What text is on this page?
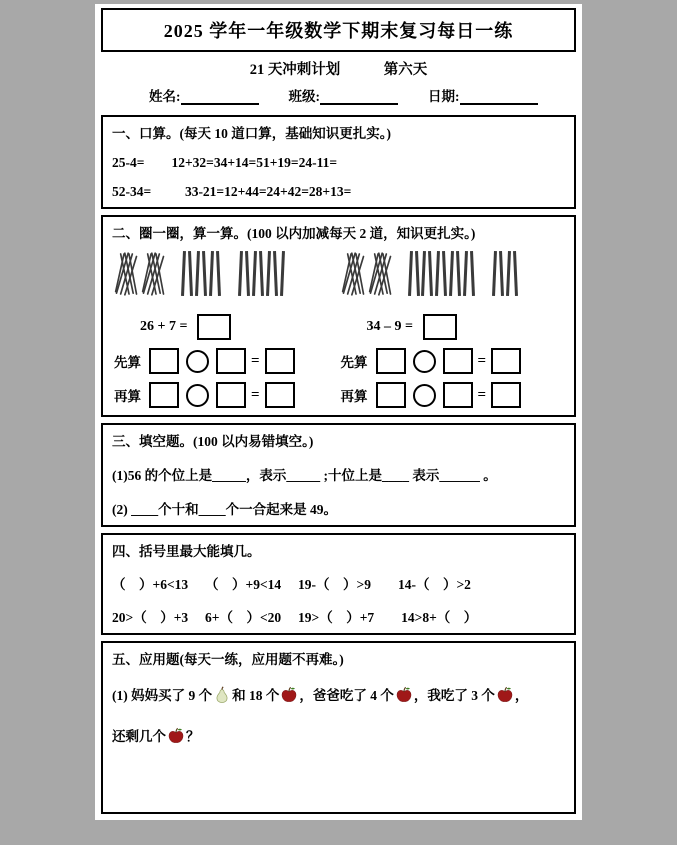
2025 学年一年级数学下期末复习每日一练
21 天冲刺计划　　　第六天
姓名:	班级:	日期:
一、口算。(每天 10 道口算，基础知识更扎实。)
25-4=        12+32=34+14=51+19=24-11=
52-34=          33-21=12+44=24+42=28+13=
二、圈一圈，算一算。(100 以内加减每天 2 道，知识更扎实。)
26 + 7 =
先算	=
再算	=
34 – 9 =
先算	=
再算	=
三、填空题。(100 以内易错填空。)
(1)56 的个位上是_____，表示_____ ;十位上是____ 表示______ 。
(2) ____个十和____个一合起来是 49。
四、括号里最大能填几。
（    ）+6<13     （    ）+9<14     19-（    ）>9        14-（    ）>2
20>（    ）+3     6+（    ）<20     19>（    ）+7        14>8+（    ）
五、应用题(每天一练，应用题不再难。)
(1) 妈妈买了 9 个 和 18 个 ，爸爸吃了 4 个 ，我吃了 3 个 ，
还剩几个 ？
